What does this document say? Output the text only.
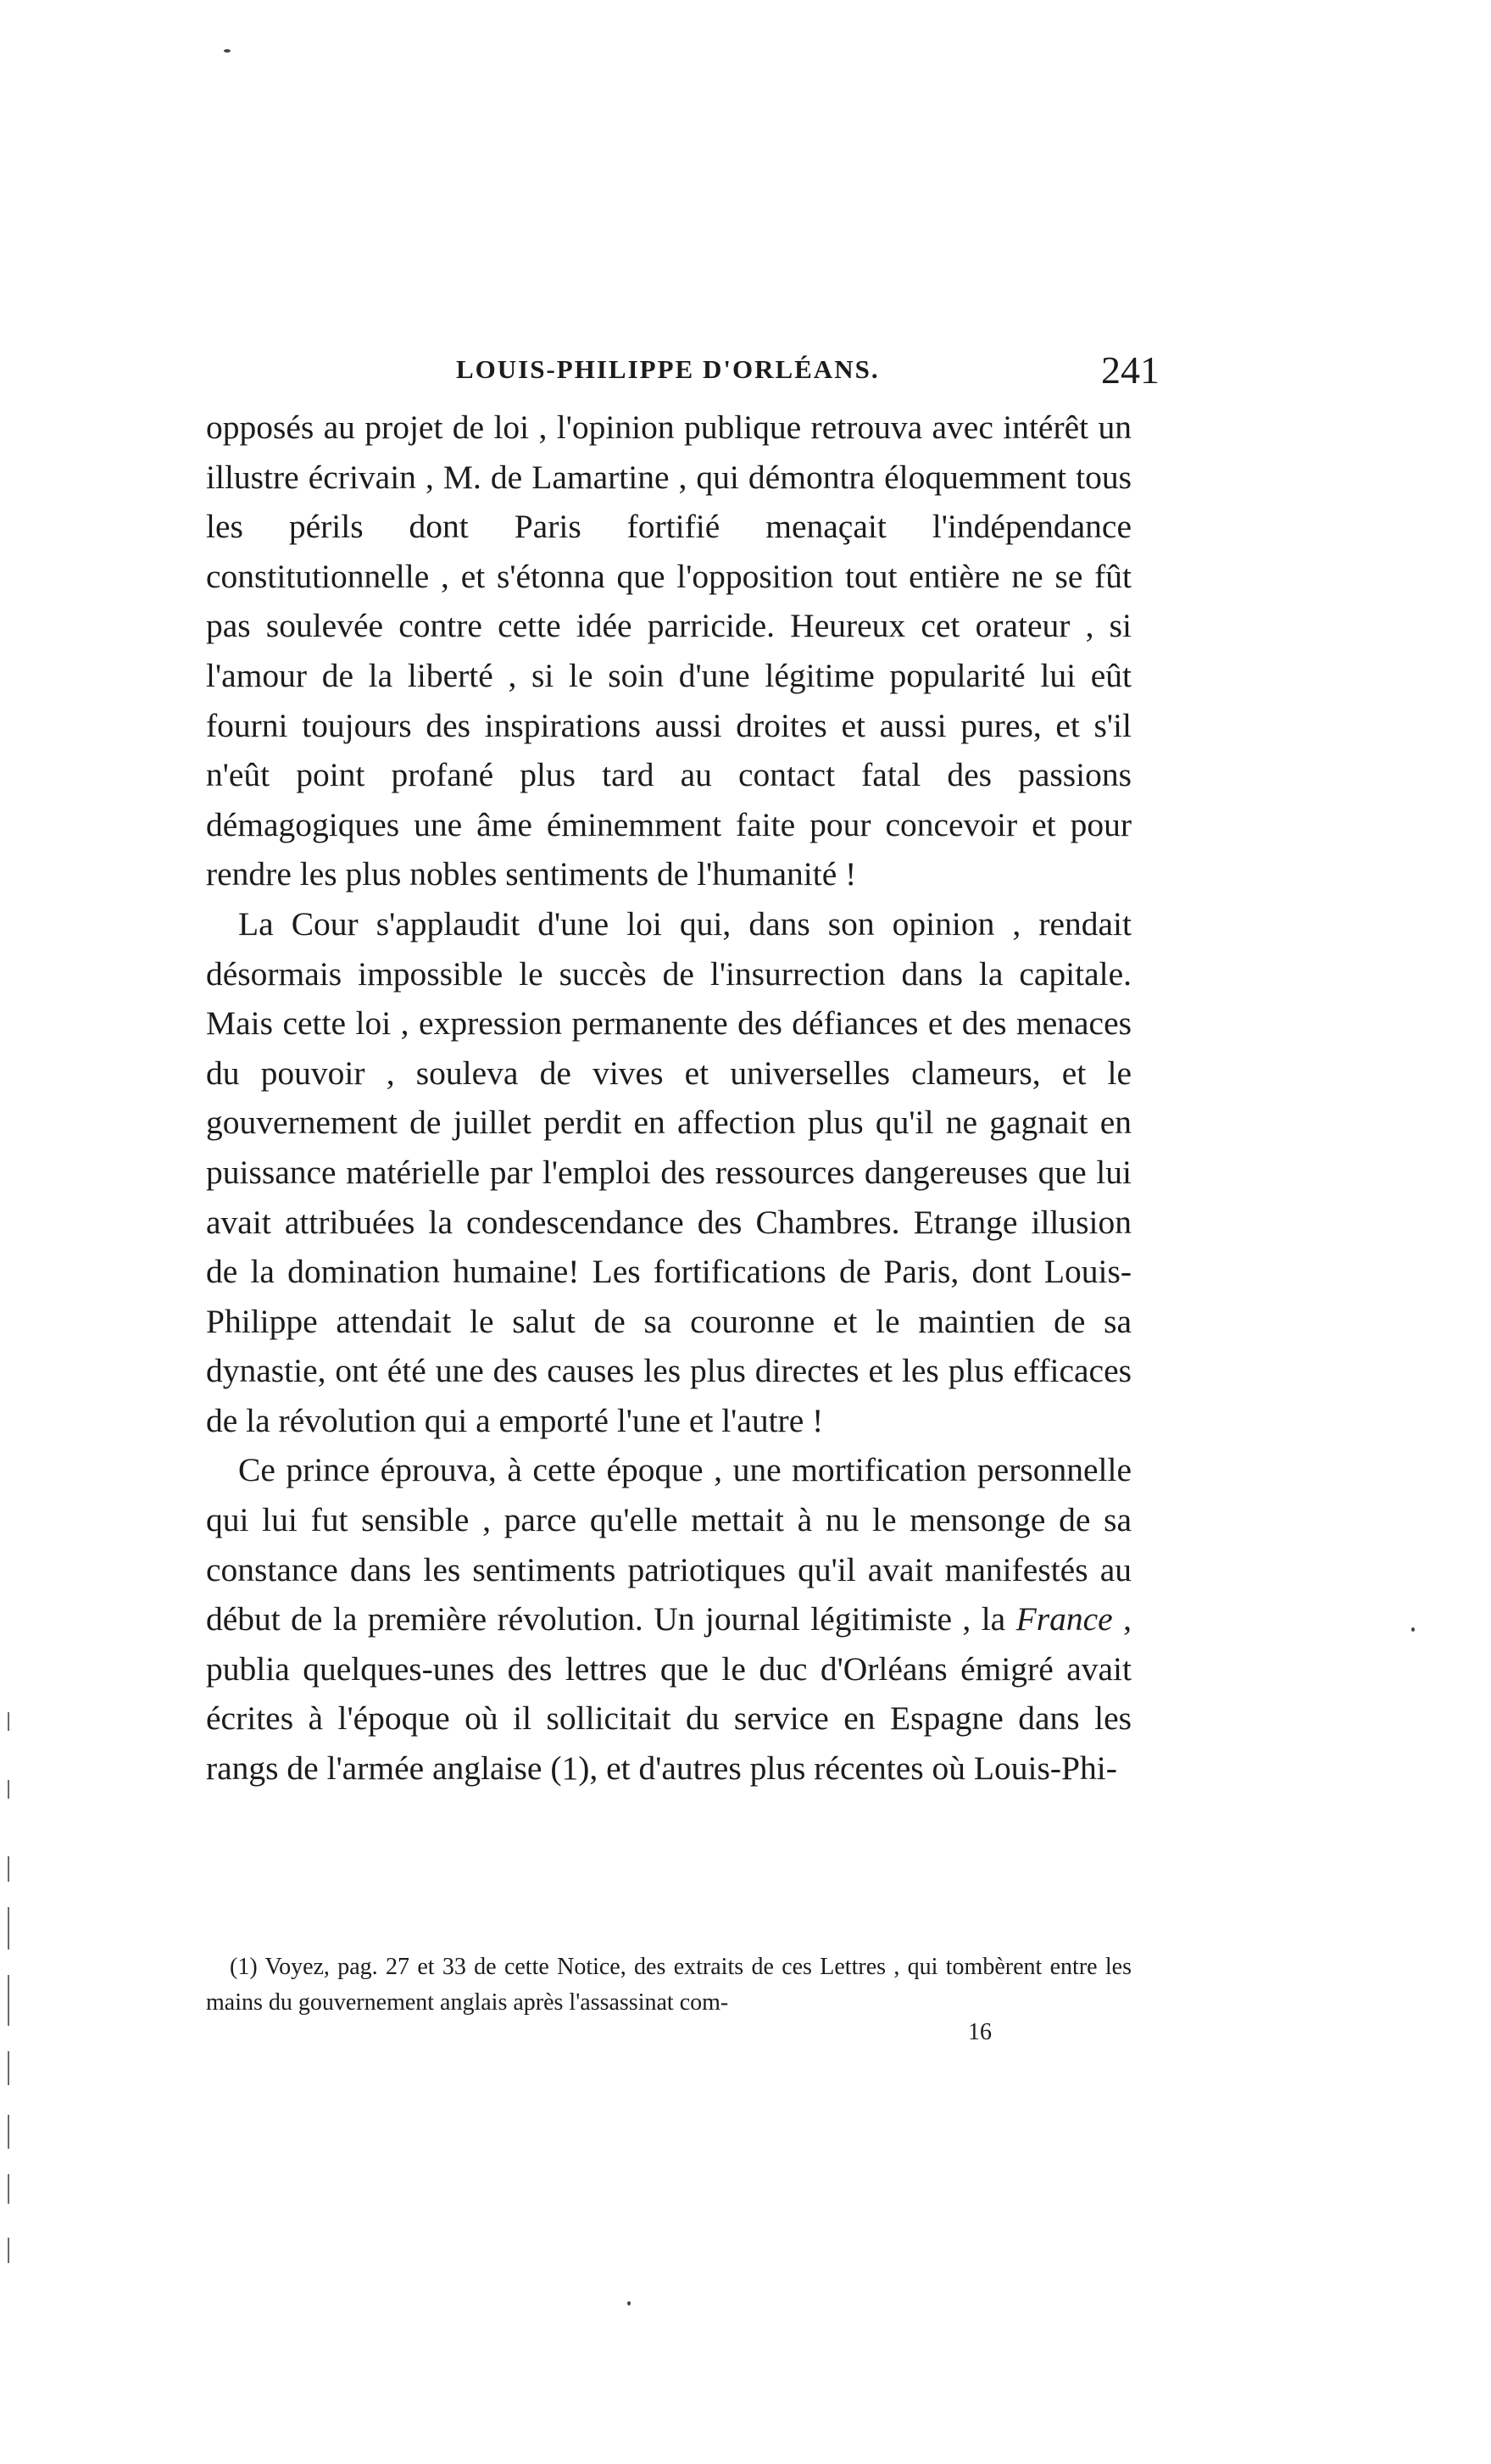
LOUIS-PHILIPPE D'ORLÉANS.	241

opposés au projet de loi , l'opinion publique retrouva avec intérêt un illustre écrivain , M. de Lamartine , qui démontra éloquemment tous les périls dont Paris fortifié menaçait l'indépendance constitutionnelle , et s'étonna que l'opposition tout entière ne se fût pas soulevée contre cette idée parricide. Heureux cet orateur , si l'amour de la liberté , si le soin d'une légitime popularité lui eût fourni toujours des inspirations aussi droites et aussi pures, et s'il n'eût point profané plus tard au contact fatal des passions démagogiques une âme éminemment faite pour concevoir et pour rendre les plus nobles sentiments de l'humanité !

La Cour s'applaudit d'une loi qui, dans son opinion , rendait désormais impossible le succès de l'insurrection dans la capitale. Mais cette loi , expression permanente des défiances et des menaces du pouvoir , souleva de vives et universelles clameurs, et le gouvernement de juillet perdit en affection plus qu'il ne gagnait en puissance matérielle par l'emploi des ressources dangereuses que lui avait attribuées la condescendance des Chambres. Etrange illusion de la domination humaine! Les fortifications de Paris, dont Louis-Philippe attendait le salut de sa couronne et le maintien de sa dynastie, ont été une des causes les plus directes et les plus efficaces de la révolution qui a emporté l'une et l'autre !

Ce prince éprouva, à cette époque , une mortification personnelle qui lui fut sensible , parce qu'elle mettait à nu le mensonge de sa constance dans les sentiments patriotiques qu'il avait manifestés au début de la première révolution. Un journal légitimiste , la France , publia quelques-unes des lettres que le duc d'Orléans émigré avait écrites à l'époque où il sollicitait du service en Espagne dans les rangs de l'armée anglaise (1), et d'autres plus récentes où Louis-Phi-

(1) Voyez, pag. 27 et 33 de cette Notice, des extraits de ces Lettres , qui tombèrent entre les mains du gouvernement anglais après l'assassinat com-

16
